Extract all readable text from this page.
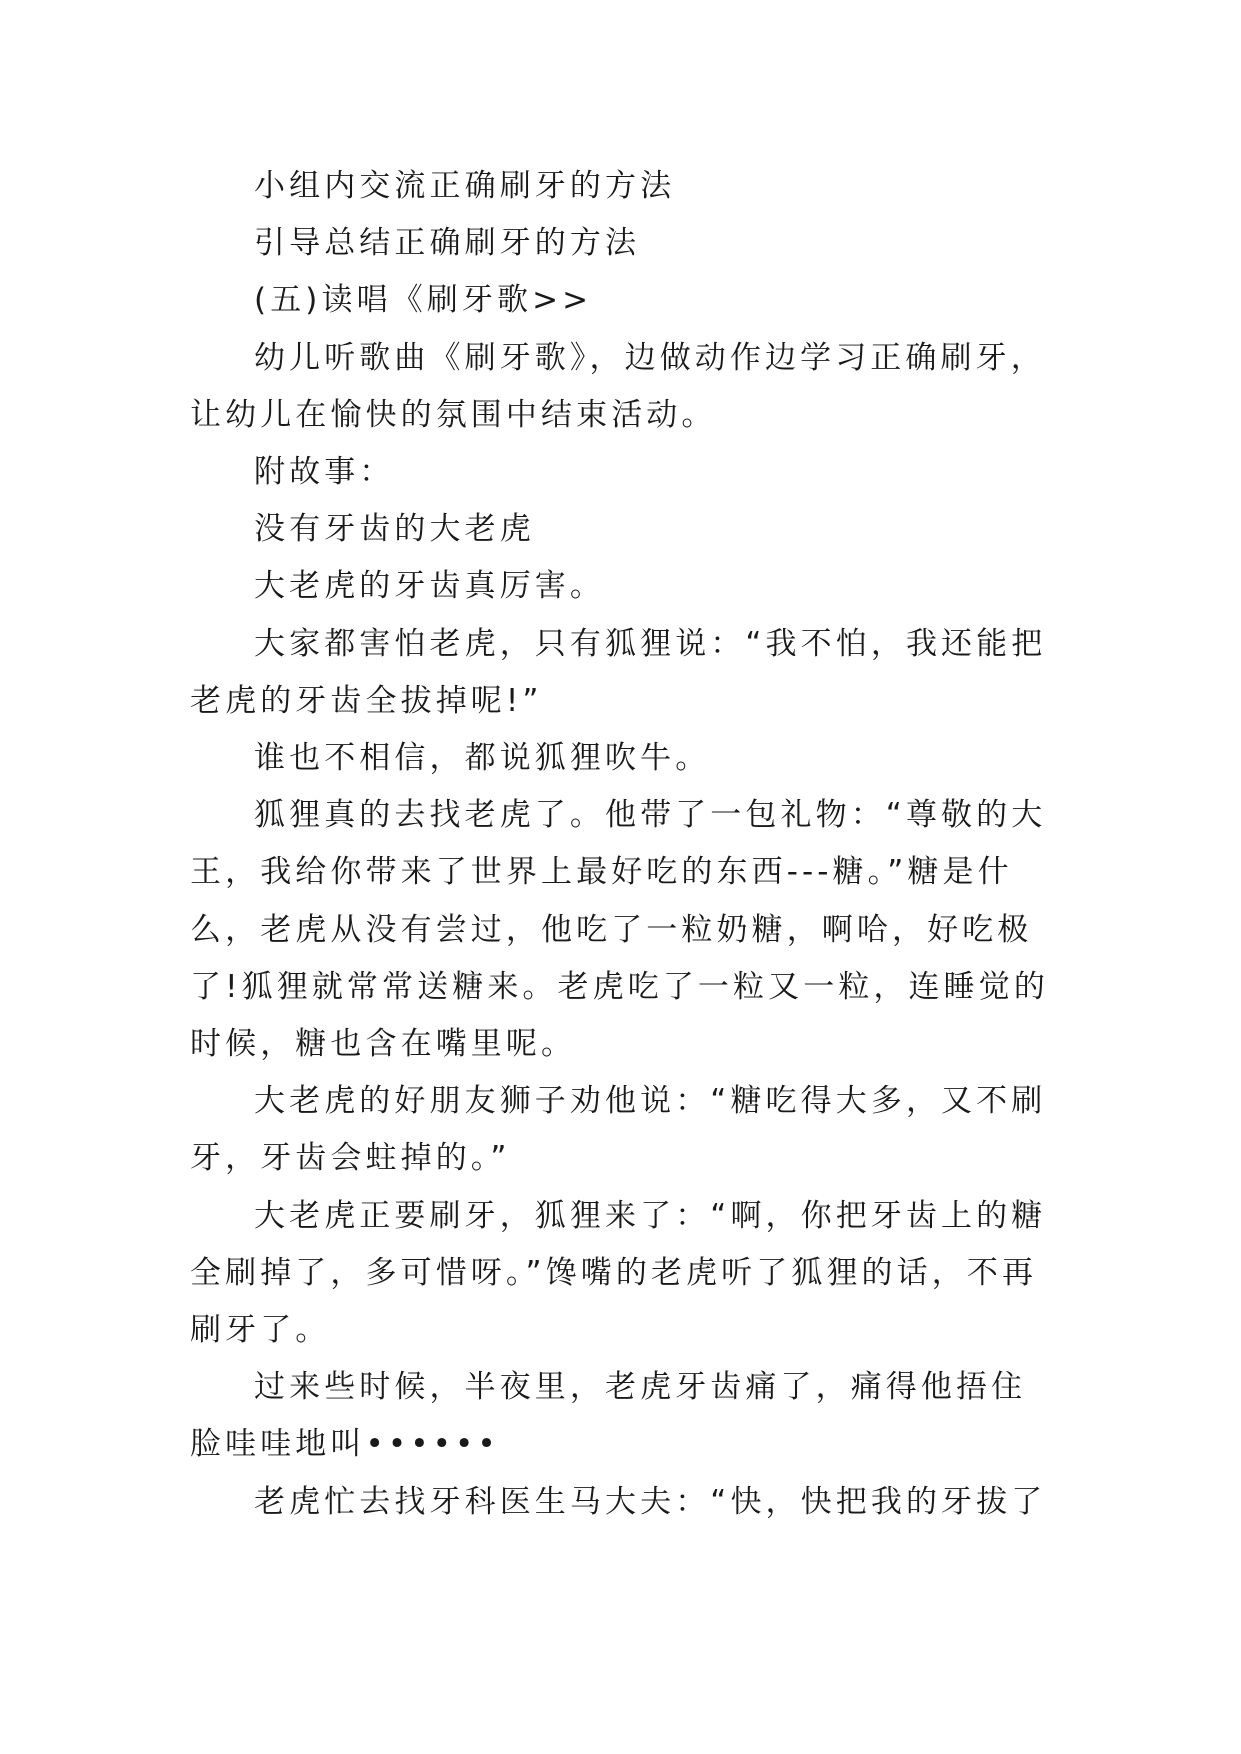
小组内交流正确刷牙的方法

引导总结正确刷牙的方法

(五)读唱《刷牙歌>>

幼儿听歌曲《刷牙歌》，边做动作边学习正确刷牙，让幼儿在愉快的氛围中结束活动。

附故事：

没有牙齿的大老虎

大老虎的牙齿真厉害。

大家都害怕老虎，只有狐狸说：“我不怕，我还能把老虎的牙齿全拔掉呢!”

谁也不相信，都说狐狸吹牛。

狐狸真的去找老虎了。他带了一包礼物：“尊敬的大王，我给你带来了世界上最好吃的东西---糖。”糖是什么，老虎从没有尝过，他吃了一粒奶糖，啊哈，好吃极了!狐狸就常常送糖来。老虎吃了一粒又一粒，连睡觉的时候，糖也含在嘴里呢。

大老虎的好朋友狮子劝他说：“糖吃得大多，又不刷牙，牙齿会蛀掉的。”

大老虎正要刷牙，狐狸来了：“啊，你把牙齿上的糖全刷掉了，多可惜呀。”馋嘴的老虎听了狐狸的话，不再刷牙了。

过来些时候，半夜里，老虎牙齿痛了，痛得他捂住脸哇哇地叫••••••

老虎忙去找牙科医生马大夫：“快，快把我的牙拔了
